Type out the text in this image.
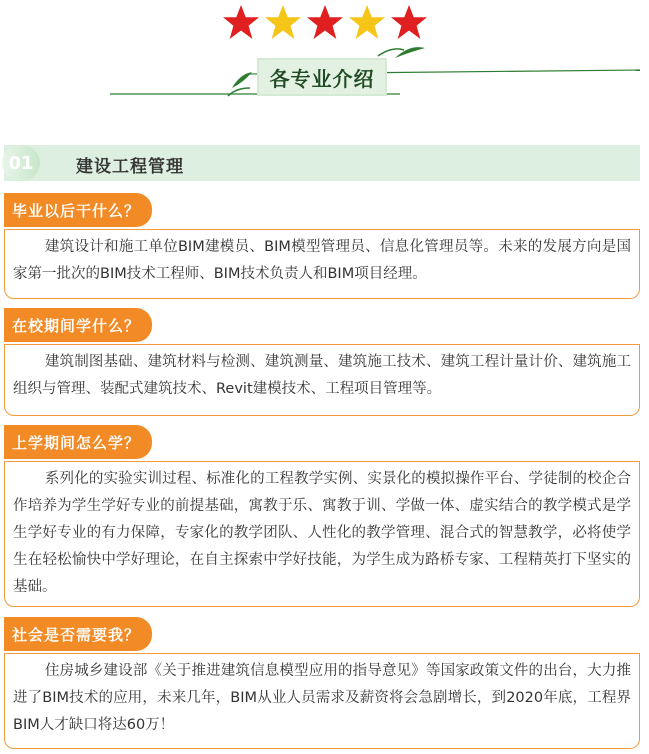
各专业介绍
01	建设工程管理

建筑设计和施工单位BIM建模员、BIM模型管理员、信息化管理员等。未来的发展方向是国家第一批次的BIM技术工程师、BIM技术负责人和BIM项目经理。

毕业以后干什么？

建筑制图基础、建筑材料与检测、建筑测量、建筑施工技术、建筑工程计量计价、建筑施工组织与管理、装配式建筑技术、Revit建模技术、工程项目管理等。

在校期间学什么？

系列化的实验实训过程、标准化的工程教学实例、实景化的模拟操作平台、学徒制的校企合作培养为学生学好专业的前提基础，寓教于乐、寓教于训、学做一体、虚实结合的教学模式是学生学好专业的有力保障，专家化的教学团队、人性化的教学管理、混合式的智慧教学，必将使学生在轻松愉快中学好理论，在自主探索中学好技能，为学生成为路桥专家、工程精英打下坚实的基础。

上学期间怎么学？

住房城乡建设部《关于推进建筑信息模型应用的指导意见》等国家政策文件的出台，大力推进了BIM技术的应用，未来几年，BIM从业人员需求及薪资将会急剧增长，到2020年底，工程界BIM人才缺口将达60万！

社会是否需要我？
